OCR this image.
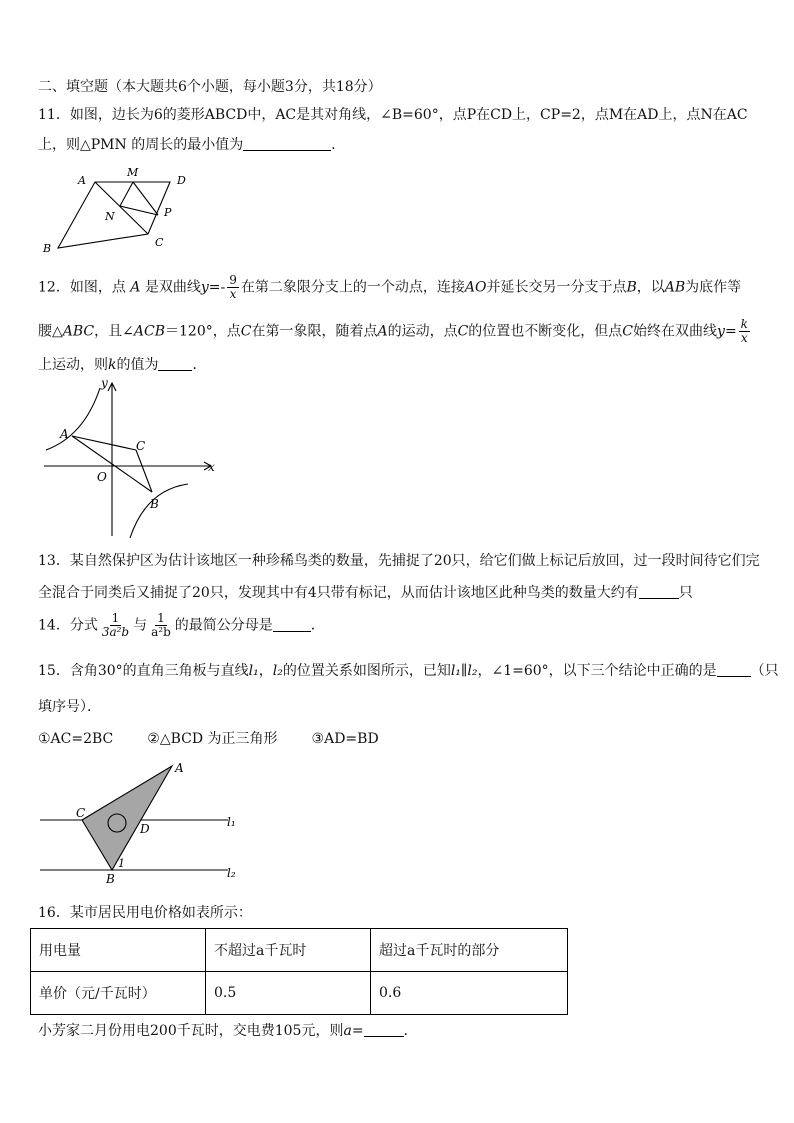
二、填空题（本大题共6个小题，每小题3分，共18分）
11．如图，边长为6的菱形ABCD中，AC是其对角线，∠B=60°，点P在CD上，CP=2，点M在AD上，点N在AC
上，则△PMN 的周长的最小值为	．
A
M
D
N	P
B	C
12．如图，点 A 是双曲线$y=- \frac{9}{x}$ 在第二象限分支上的一个动点，连接AO并延长交另一分支于点B，以AB为底作等
腰△ABC，且∠ACB＝120°，点C在第一象限，随着点A的运动，点C的位置也不断变化，但点C始终在双曲线$y= \frac{k}{x}$
上运动，则k的值为 ．
y
x
A
C
O
B
13．某自然保护区为估计该地区一种珍稀鸟类的数量，先捕捉了20只，给它们做上标记后放回，过一段时间待它们完
全混合于同类后又捕捉了20只，发现其中有4只带有标记，从而估计该地区此种鸟类的数量大约有	只
14．分式 $\frac{1}{\text{3a²b}}$ 与 $\frac{1}{\text{a²b}}$ 的最简公分母是	．
15．含角30°的直角三角板与直线l₁，l₂的位置关系如图所示，已知l₁∥l₂，∠1=60°，以下三个结论中正确的是 （只
填序号）．
①AC=2BC ②△BCD 为正三角形 ③AD=BD
A
C
D
1
B
l₁
l₂
16．某市居民用电价格如表所示：
用电量	不超过a千瓦时	超过a千瓦时的部分
单价（元/千瓦时）	0.5	0.6
小芳家二月份用电200千瓦时，交电费105元，则a=	．
